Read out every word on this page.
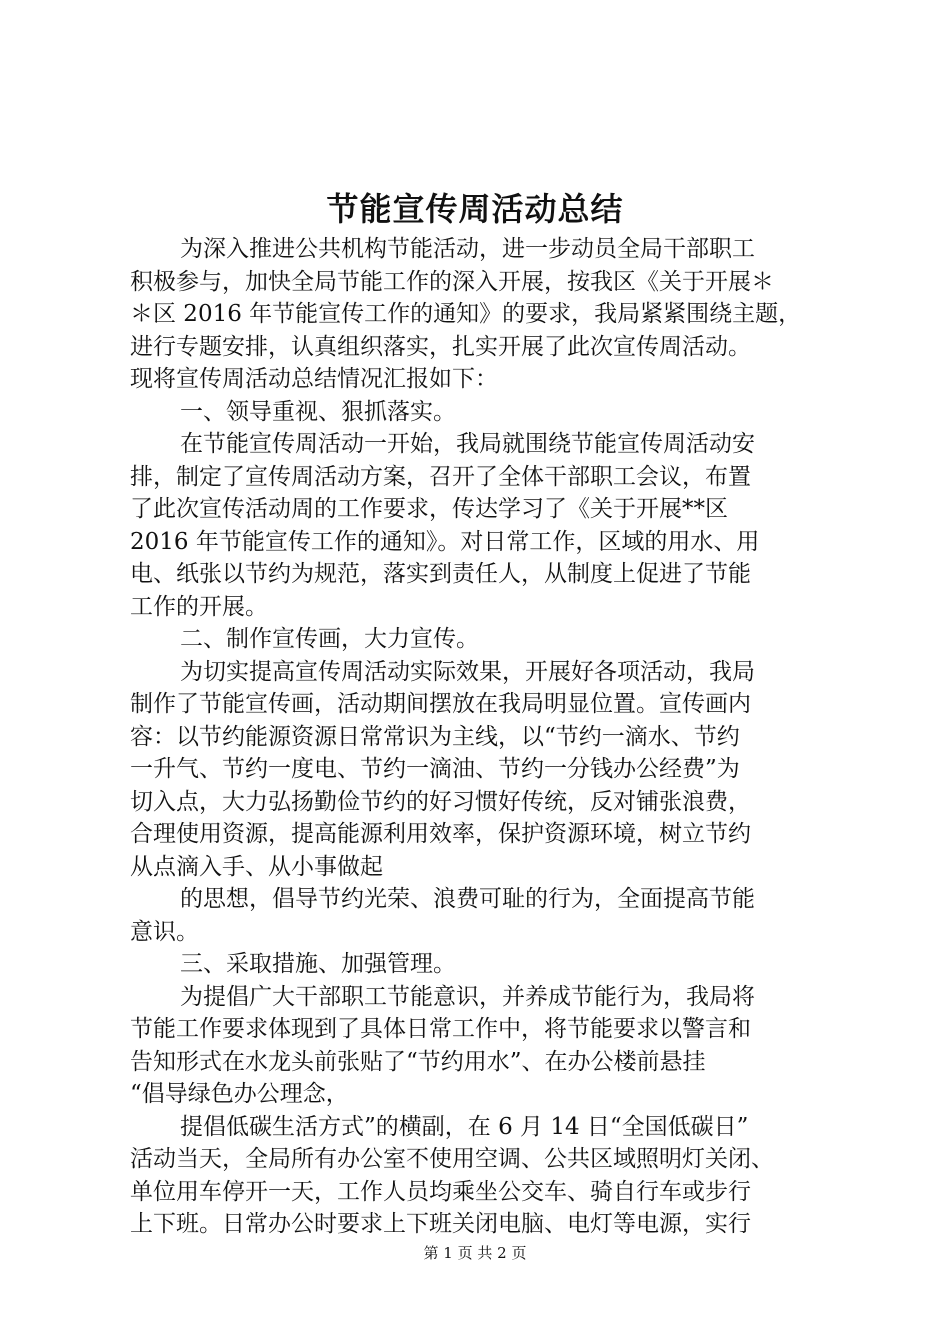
节能宣传周活动总结
为深入推进公共机构节能活动，进一步动员全局干部职工
积极参与，加快全局节能工作的深入开展，按我区《关于开展＊
＊区 2016 年节能宣传工作的通知》的要求，我局紧紧围绕主题，
进行专题安排，认真组织落实，扎实开展了此次宣传周活动。
现将宣传周活动总结情况汇报如下：
一、领导重视、狠抓落实。
在节能宣传周活动一开始，我局就围绕节能宣传周活动安
排，制定了宣传周活动方案，召开了全体干部职工会议，布置
了此次宣传活动周的工作要求，传达学习了《关于开展**区
2016 年节能宣传工作的通知》。对日常工作，区域的用水、用
电、纸张以节约为规范，落实到责任人，从制度上促进了节能
工作的开展。
二、制作宣传画，大力宣传。
为切实提高宣传周活动实际效果，开展好各项活动，我局
制作了节能宣传画，活动期间摆放在我局明显位置。宣传画内
容：以节约能源资源日常常识为主线，以“节约一滴水、节约
一升气、节约一度电、节约一滴油、节约一分钱办公经费”为
切入点，大力弘扬勤俭节约的好习惯好传统，反对铺张浪费，
合理使用资源，提高能源利用效率，保护资源环境，树立节约
从点滴入手、从小事做起
的思想，倡导节约光荣、浪费可耻的行为，全面提高节能
意识。
三、采取措施、加强管理。
为提倡广大干部职工节能意识，并养成节能行为，我局将
节能工作要求体现到了具体日常工作中，将节能要求以警言和
告知形式在水龙头前张贴了“节约用水”、在办公楼前悬挂
“倡导绿色办公理念，
提倡低碳生活方式”的横副，在 6 月 14 日“全国低碳日”
活动当天，全局所有办公室不使用空调、公共区域照明灯关闭、
单位用车停开一天，工作人员均乘坐公交车、骑自行车或步行
上下班。日常办公时要求上下班关闭电脑、电灯等电源，实行
第 1 页 共 2 页
